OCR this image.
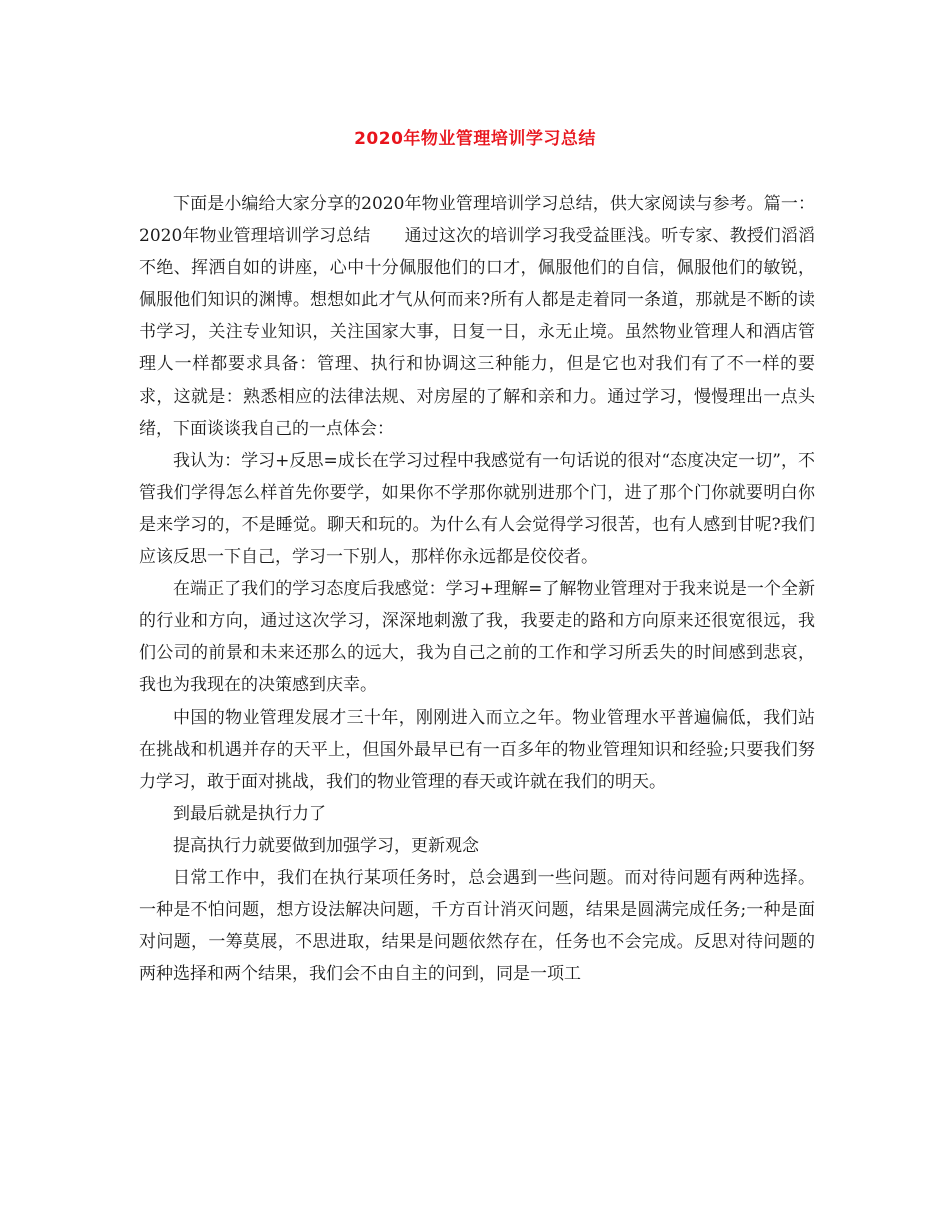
2020年物业管理培训学习总结

下面是小编给大家分享的2020年物业管理培训学习总结，供大家阅读与参考。篇一：2020年物业管理培训学习总结　　通过这次的培训学习我受益匪浅。听专家、教授们滔滔不绝、挥洒自如的讲座，心中十分佩服他们的口才，佩服他们的自信，佩服他们的敏锐，佩服他们知识的渊博。想想如此才气从何而来?所有人都是走着同一条道，那就是不断的读书学习，关注专业知识，关注国家大事，日复一日，永无止境。虽然物业管理人和酒店管理人一样都要求具备：管理、执行和协调这三种能力，但是它也对我们有了不一样的要求，这就是：熟悉相应的法律法规、对房屋的了解和亲和力。通过学习，慢慢理出一点头绪，下面谈谈我自己的一点体会：

我认为：学习+反思=成长在学习过程中我感觉有一句话说的很对“态度决定一切”，不管我们学得怎么样首先你要学，如果你不学那你就别进那个门，进了那个门你就要明白你是来学习的，不是睡觉。聊天和玩的。为什么有人会觉得学习很苦，也有人感到甘呢?我们应该反思一下自己，学习一下别人，那样你永远都是佼佼者。

在端正了我们的学习态度后我感觉：学习+理解=了解物业管理对于我来说是一个全新的行业和方向，通过这次学习，深深地刺激了我，我要走的路和方向原来还很宽很远，我们公司的前景和未来还那么的远大，我为自己之前的工作和学习所丢失的时间感到悲哀，我也为我现在的决策感到庆幸。

中国的物业管理发展才三十年，刚刚进入而立之年。物业管理水平普遍偏低，我们站在挑战和机遇并存的天平上，但国外最早已有一百多年的物业管理知识和经验;只要我们努力学习，敢于面对挑战，我们的物业管理的春天或许就在我们的明天。

到最后就是执行力了

提高执行力就要做到加强学习，更新观念

日常工作中，我们在执行某项任务时，总会遇到一些问题。而对待问题有两种选择。一种是不怕问题，想方设法解决问题，千方百计消灭问题，结果是圆满完成任务;一种是面对问题，一筹莫展，不思进取，结果是问题依然存在，任务也不会完成。反思对待问题的两种选择和两个结果，我们会不由自主的问到，同是一项工
